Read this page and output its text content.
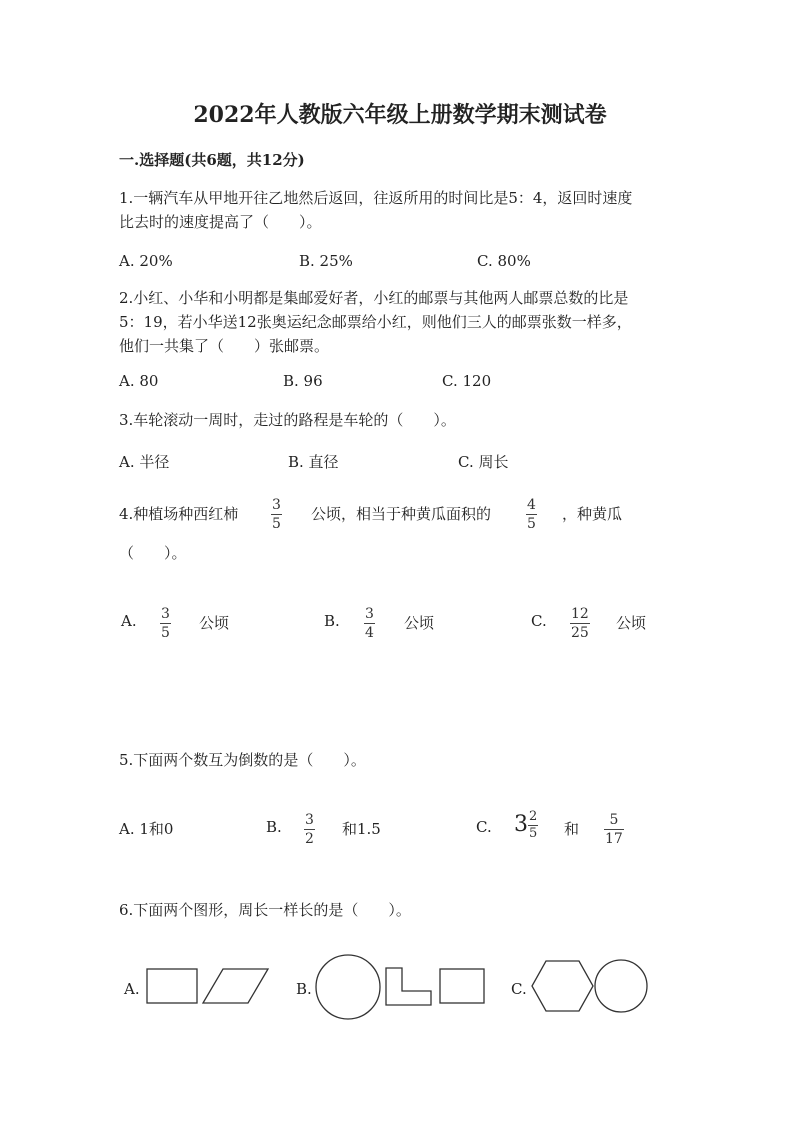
2022年人教版六年级上册数学期末测试卷
一.选择题(共6题，共12分)
1.一辆汽车从甲地开往乙地然后返回，往返所用的时间比是5：4，返回时速度
比去时的速度提高了（　　）。
A. 20%	B. 25%	C. 80%
2.小红、小华和小明都是集邮爱好者，小红的邮票与其他两人邮票总数的比是
5：19，若小华送12张奥运纪念邮票给小红，则他们三人的邮票张数一样多，
他们一共集了（　　）张邮票。
A. 80	B. 96	C. 120
3.车轮滚动一周时，走过的路程是车轮的（　　）。
A. 半径	B. 直径	C. 周长
4.种植场种西红柿 3
5
公顷，相当于种黄瓜面积的	4
5
，种黄瓜
（　　）。
A. 3
5
公顷	B. 3
4
公顷	C. 12
25
公顷
5.下面两个数互为倒数的是（　　）。
A. 1和0	B. 3
2
和1.5	C. 3 2
5 和	5
17
6.下面两个图形，周长一样长的是（　　）。
A.	B.	C.
